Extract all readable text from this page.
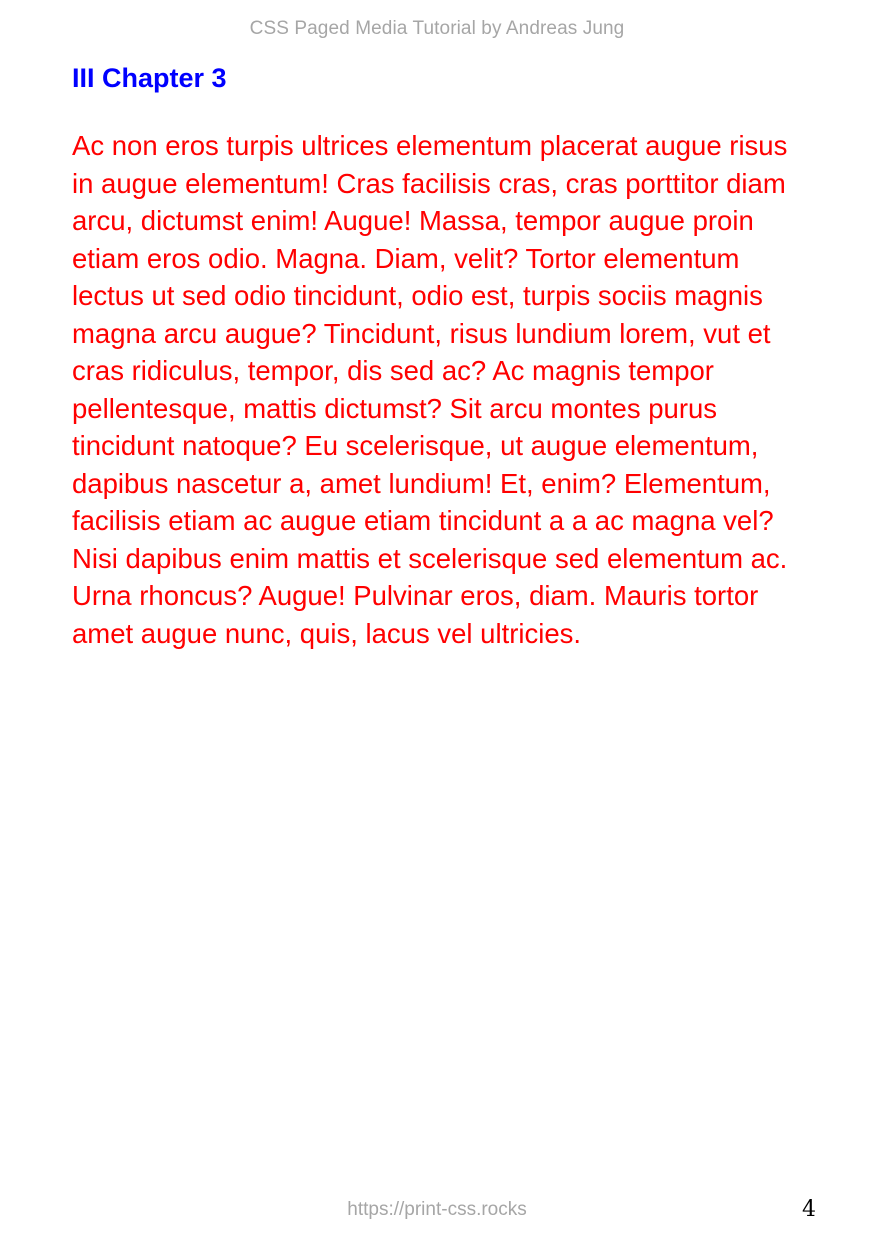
CSS Paged Media Tutorial by Andreas Jung
III Chapter 3

Ac non eros turpis ultrices elementum placerat augue risus in augue elementum! Cras facilisis cras, cras porttitor diam arcu, dictumst enim! Augue! Massa, tempor augue proin etiam eros odio. Magna. Diam, velit? Tortor elementum lectus ut sed odio tincidunt, odio est, turpis sociis magnis magna arcu augue? Tincidunt, risus lundium lorem, vut et cras ridiculus, tempor, dis sed ac? Ac magnis tempor pellentesque, mattis dictumst? Sit arcu montes purus tincidunt natoque? Eu scelerisque, ut augue elementum, dapibus nascetur a, amet lundium! Et, enim? Elementum, facilisis etiam ac augue etiam tincidunt a a ac magna vel? Nisi dapibus enim mattis et scelerisque sed elementum ac. Urna rhoncus? Augue! Pulvinar eros, diam. Mauris tortor amet augue nunc, quis, lacus vel ultricies.

https://print-css.rocks	4
